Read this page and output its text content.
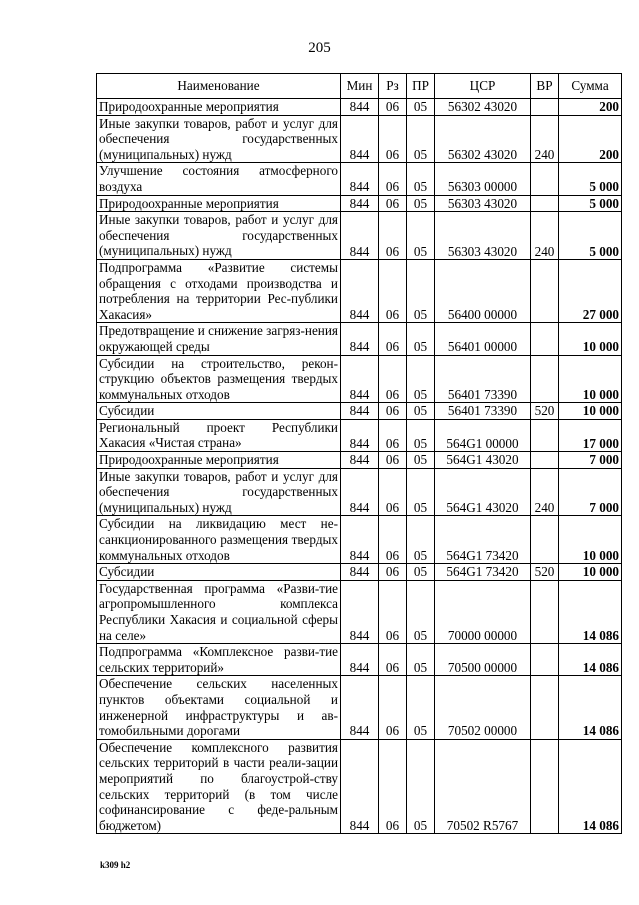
205
Наименование	Мин	Рз	ПР	ЦСР	ВР	Сумма
Природоохранные мероприятия	844	06	05	56302 43020		200
Иные закупки товаров, работ и услуг для обеспечения государственных (муниципальных) нужд	844	06	05	56302 43020	240	200
Улучшение состояния атмосферного воздуха	844	06	05	56303 00000		5 000
Природоохранные мероприятия	844	06	05	56303 43020		5 000
Иные закупки товаров, работ и услуг для обеспечения государственных (муниципальных) нужд	844	06	05	56303 43020	240	5 000
Подпрограмма «Развитие системы обращения с отходами производства и потребления на территории Рес-публики Хакасия»	844	06	05	56400 00000		27 000
Предотвращение и снижение загряз-нения окружающей среды	844	06	05	56401 00000		10 000
Субсидии на строительство, рекон-струкцию объектов размещения твердых коммунальных отходов	844	06	05	56401 73390		10 000
Субсидии	844	06	05	56401 73390	520	10 000
Региональный проект Республики Хакасия «Чистая страна»	844	06	05	564G1 00000		17 000
Природоохранные мероприятия	844	06	05	564G1 43020		7 000
Иные закупки товаров, работ и услуг для обеспечения государственных (муниципальных) нужд	844	06	05	564G1 43020	240	7 000
Субсидии на ликвидацию мест не-санкционированного размещения твердых коммунальных отходов	844	06	05	564G1 73420		10 000
Субсидии	844	06	05	564G1 73420	520	10 000
Государственная программа «Разви-тие агропромышленного комплекса Республики Хакасия и социальной сферы на селе»	844	06	05	70000 00000		14 086
Подпрограмма «Комплексное разви-тие сельских территорий»	844	06	05	70500 00000		14 086
Обеспечение сельских населенных пунктов объектами социальной и инженерной инфраструктуры и ав-томобильными дорогами	844	06	05	70502 00000		14 086
Обеспечение комплексного развития сельских территорий в части реали-зации мероприятий по благоустрой-ству сельских территорий (в том числе софинансирование с феде-ральным бюджетом)	844	06	05	70502 R5767		14 086
k309 h2
